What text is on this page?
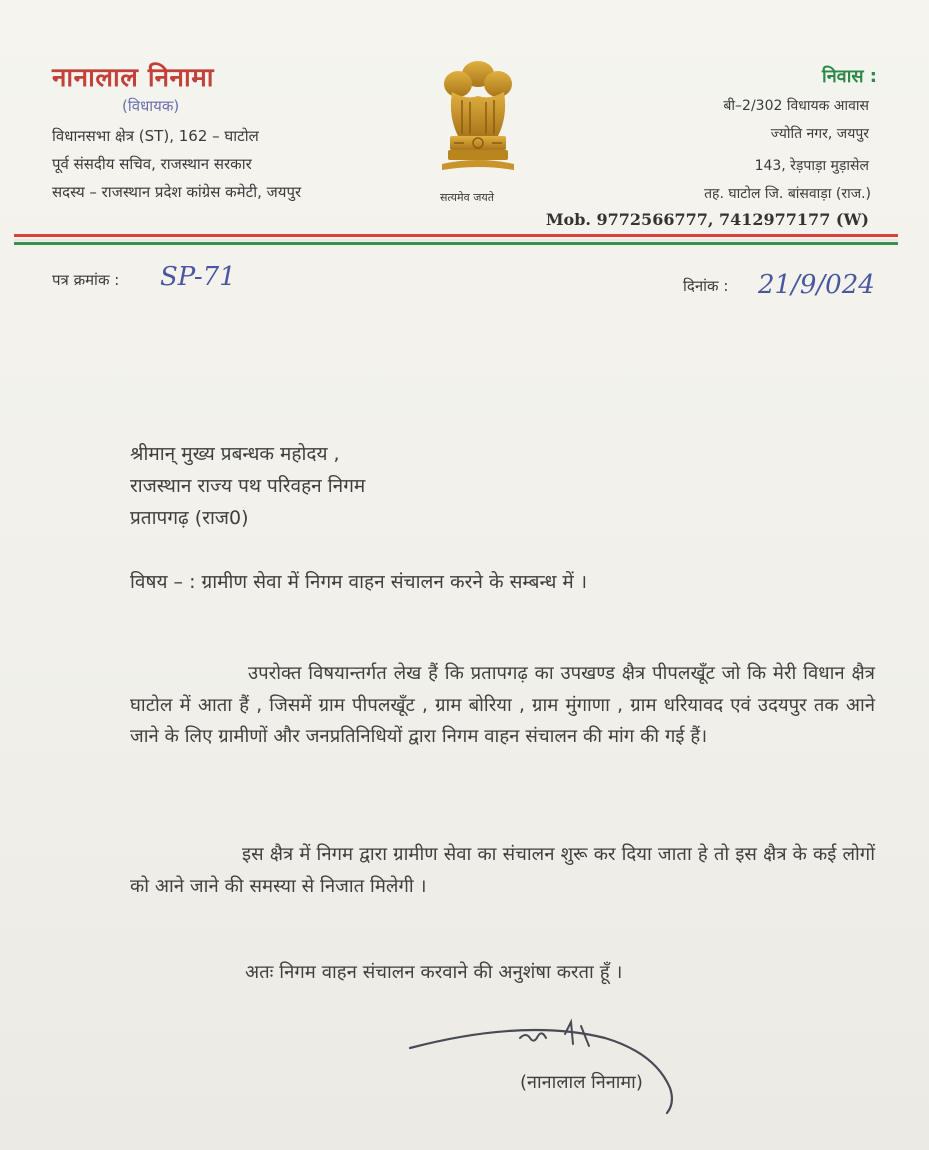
नानालाल निनामा
(विधायक)
विधानसभा क्षेत्र (ST), 162 – घाटोल
पूर्व संसदीय सचिव, राजस्थान सरकार
सदस्य – राजस्थान प्रदेश कांग्रेस कमेटी, जयपुर	सत्यमेव जयते
निवास :
बी–2/302 विधायक आवास
ज्योति नगर, जयपुर
143, रेड़पाड़ा मुड़ासेल
तह. घाटोल जि. बांसवाड़ा (राज.)
Mob. 9772566777, 7412977177 (W)
पत्र क्रमांक : SP-71	दिनांक : 21/9/024
श्रीमान् मुख्य प्रबन्धक महोदय ,
राजस्थान राज्य पथ परिवहन निगम
प्रतापगढ़ (राज0)
विषय – : ग्रामीण सेवा में निगम वाहन संचालन करने के सम्बन्ध में ।
उपरोक्त विषयान्तर्गत लेख हैं कि प्रतापगढ़ का उपखण्ड क्षैत्र पीपलखूँट जो कि मेरी विधान क्षैत्र घाटोल में आता हैं , जिसमें ग्राम पीपलखूँट , ग्राम बोरिया , ग्राम मुंगाणा , ग्राम धरियावद एवं उदयपुर तक आने जाने के लिए ग्रामीणों और जनप्रतिनिधियों द्वारा निगम वाहन संचालन की मांग की गई हैं।
इस क्षैत्र में निगम द्वारा ग्रामीण सेवा का संचालन शुरू कर दिया जाता हे तो इस क्षैत्र के कई लोगों को आने जाने की समस्या से निजात मिलेगी ।
अतः निगम वाहन संचालन करवाने की अनुशंषा करता हूँ ।
(नानालाल निनामा)
